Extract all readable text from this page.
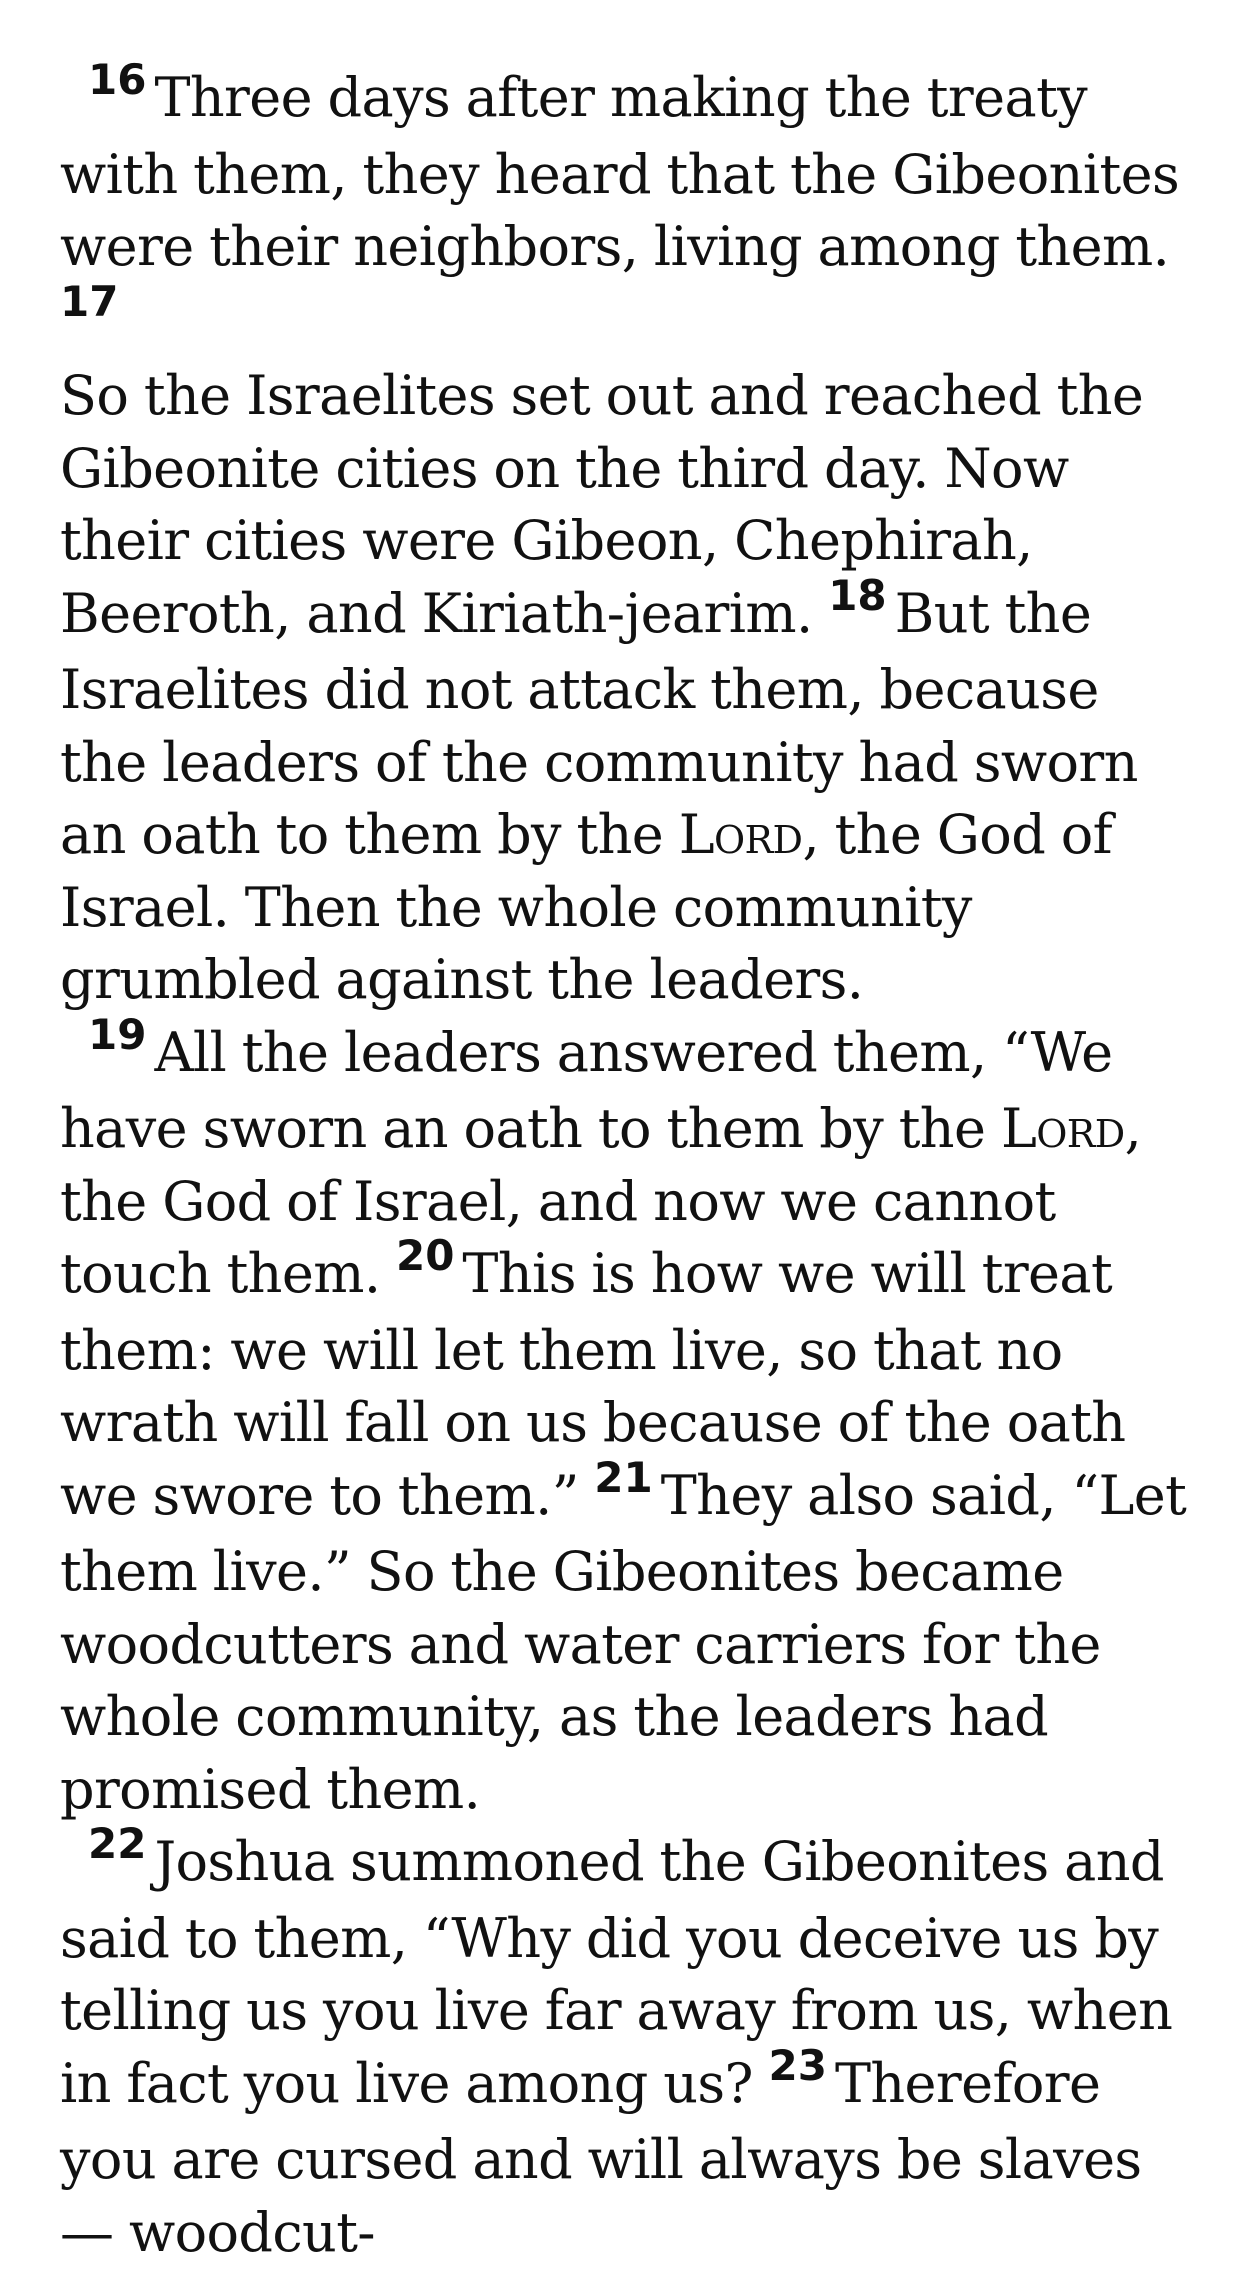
$^{16}$ Three days after making the treaty with them, they heard that the Gibeonites were their neighbors, living among them. $^{17}$
So the Israelites set out and reached the Gibeonite cities on the third day. Now their cities were Gibeon, Chephirah, Beeroth, and Kiriath-jearim. $^{18}$ But the Israelites did not attack them, because the leaders of the community had sworn an oath to them by the Lord, the God of Israel. Then the whole community grumbled against the leaders.

$^{19}$ All the leaders answered them, “We have sworn an oath to them by the Lord, the God of Israel, and now we cannot touch them. $^{20}$ This is how we will treat them: we will let them live, so that no wrath will fall on us because of the oath we swore to them.” $^{21}$ They also said, “Let them live.” So the Gibeonites became woodcutters and water carriers for the whole community, as the leaders had promised them.

$^{22}$ Joshua summoned the Gibeonites and said to them, “Why did you deceive us by telling us you live far away from us, when in fact you live among us? $^{23}$ Therefore you are cursed and will always be slaves — woodcut-
